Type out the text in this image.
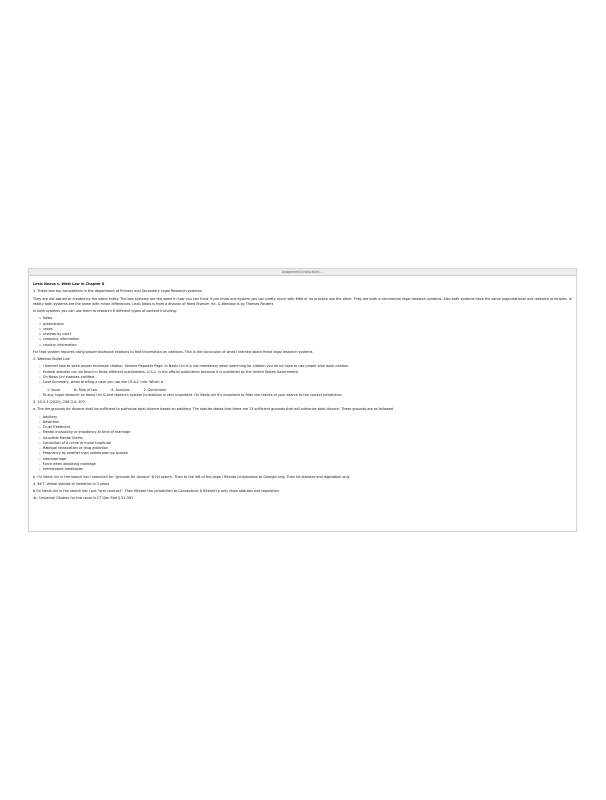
Assignment Instructions ⌄

Lexis Nexus v. West Law in Chapter 8

1. These two top competitors in the department of Primary and Secondary Legal Research systems.

They are not owned or created by the same entity. The two systems are the same in how you can think if you know one system you can pretty much with little or no practice use the other. They are both a commercial legal research systems. Also both systems have the same organizational and research principles. In reality both systems are the same with minor differences. Lexis Nexis is from a division of Reed Elsevier Inc. & Westlaw is by Thomas Reuters

In both systems you can use them to research 6 different types of content including:

▫ News
▫ publications
▫ cases
▫ reviews by court
▫ company information
▫ country information

For that system requires using proper bluebook citations to find information on citations. This is the conclusion of what I learned about these legal research systems

2. Webinar Bullet List:

• I learned how to write proper bluebook citation. Volume Reporter Page. In Nexis Uni it is not mandatory when searching for citation you do no have to use proper blue book citation.
• Federal statutes can be found in three different publications. U.S.C. is the official publication because it is published by the United States Government.
• On Nexis Uni statutes codified.
• Case Summary- when briefing a case you use the I.R.A.C rule. Which is
1. Issue	B. Rule of law	A. Analysis	2. Conclusion
• To any Legal research on Nexis Uni & and research system Jurisdiction is very important. On Nexis Uni it's important to filter the results of your search to the correct jurisdiction.

3. 19-3-3 (2020), 238 G.A. 672

a. The the grounds for divorce shall be sufficient to authorize total divorce based on adultery. The statute states that there are 13 sufficient grounds that will authorize total divorce. These grounds are as followed

• Adultery
• Desertion
• Cruel Treatment
• Mental Incapacity or impotency at time of marriage
• Incurable Mental Illness
• Conviction of a crime of moral turpitude
• Habitual intoxication or drug addiction
• Pregnancy by another man unbeknown by spouse
• Intermarriage
• Force when obtaining marriage
• Irretrievable breakdown

b. On Nexis Uni in the search bar I searched for "grounds for divorce" & hit search. Then to the left of the page I filtered jurisdictions to Georgia only. Then hit statutes and legislation only.

4. 46 T. Verbal statute of limitation is 3 years

b.On Nexis Uni in the search bar I put "oral contract". Then filtered the jurisdiction to Connecticut & filtered to only show statutes and legislation.

4c. Universal Citation for this issue is CT Gen Stat § 52-581
